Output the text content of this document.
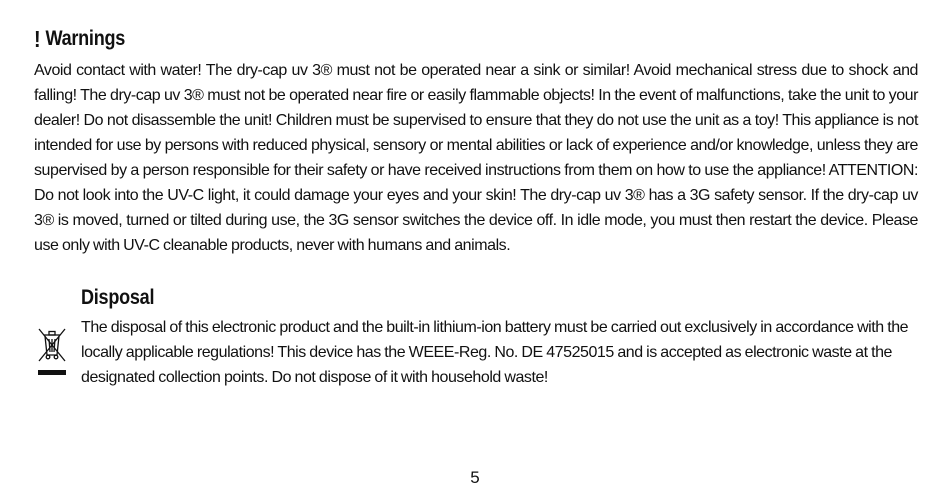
! Warnings
Avoid contact with water! The dry-cap uv 3® must not be operated near a sink or similar! Avoid mechanical stress due to shock and falling! The dry-cap uv 3® must not be operated near fire or easily flammable objects! In the event of malfunctions, take the unit to your dealer! Do not disassemble the unit! Children must be supervised to ensure that they do not use the unit as a toy! This appliance is not intended for use by persons with reduced physical, sensory or mental abilities or lack of experience and/or knowledge, unless they are supervised by a person responsible for their safety or have received instructions from them on how to use the appliance! ATTENTION: Do not look into the UV-C light, it could damage your eyes and your skin! The dry-cap uv 3® has a 3G safety sensor. If the dry-cap uv 3® is moved, turned or tilted during use, the 3G sensor switches the device off. In idle mode, you must then restart the device. Please use only with UV-C cleanable products, never with humans and animals.
Disposal
The disposal of this electronic product and the built-in lithium-ion battery must be carried out exclusively in accordance with the locally applicable regulations! This device has the WEEE-Reg. No. DE 47525015 and is accepted as electronic waste at the designated collection points. Do not dispose of it with household waste!
5
